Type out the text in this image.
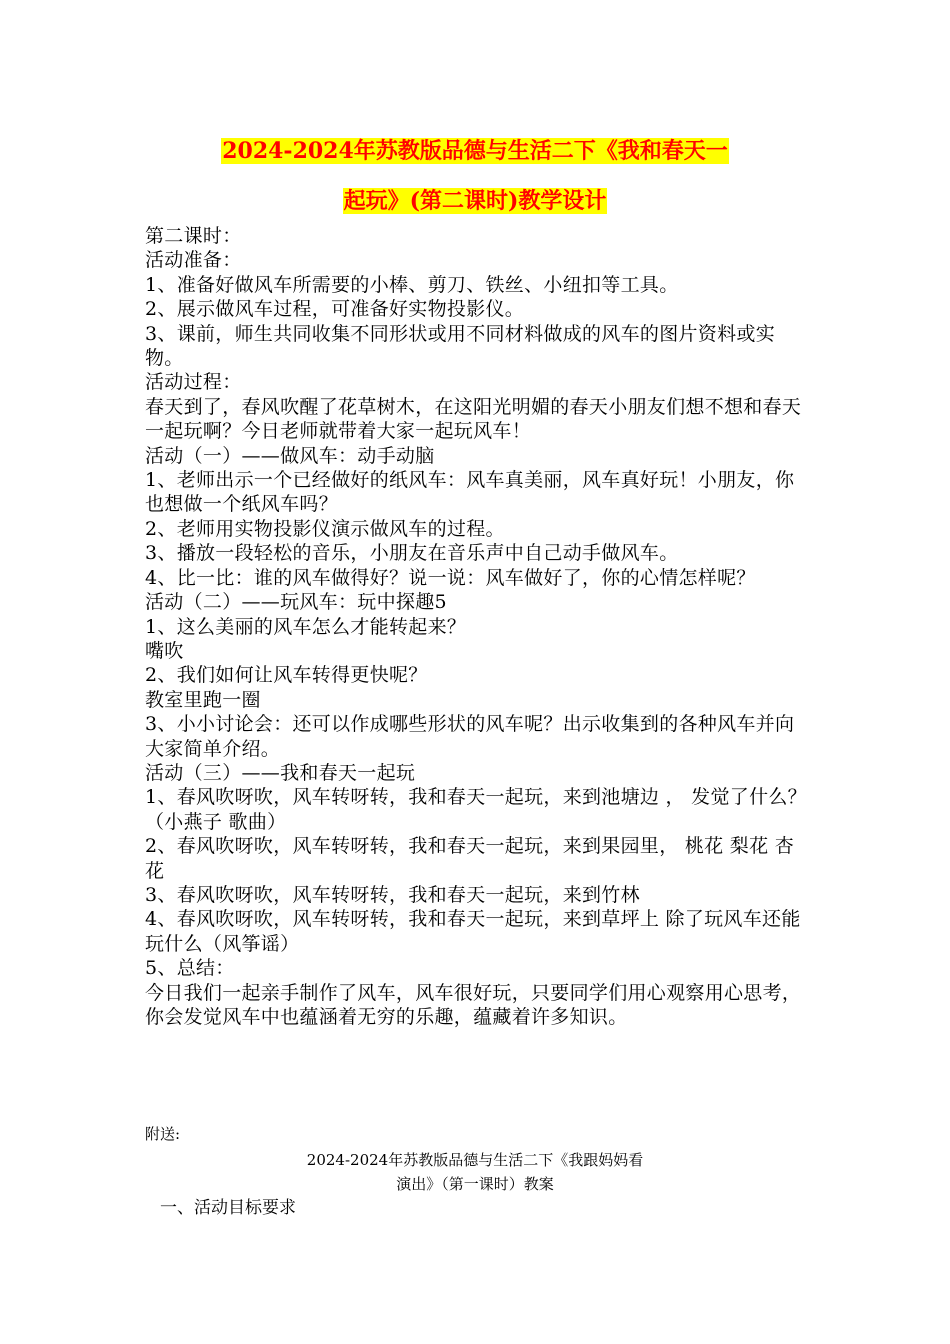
2024-2024年苏教版品德与生活二下《我和春天一
起玩》(第二课时)教学设计

第二课时：

活动准备：

1、准备好做风车所需要的小棒、剪刀、铁丝、小纽扣等工具。

2、展示做风车过程，可准备好实物投影仪。

3、课前，师生共同收集不同形状或用不同材料做成的风车的图片资料或实物。

活动过程：

春天到了，春风吹醒了花草树木，在这阳光明媚的春天小朋友们想不想和春天一起玩啊？今日老师就带着大家一起玩风车！

活动（一）——做风车：动手动脑

1、老师出示一个已经做好的纸风车：风车真美丽，风车真好玩！小朋友，你也想做一个纸风车吗？

2、老师用实物投影仪演示做风车的过程。

3、播放一段轻松的音乐，小朋友在音乐声中自己动手做风车。

4、比一比：谁的风车做得好？说一说：风车做好了，你的心情怎样呢？

活动（二）——玩风车：玩中探趣5

1、这么美丽的风车怎么才能转起来？

嘴吹

2、我们如何让风车转得更快呢？

教室里跑一圈

3、小小讨论会：还可以作成哪些形状的风车呢？出示收集到的各种风车并向大家简单介绍。

活动（三）——我和春天一起玩

1、春风吹呀吹，风车转呀转，我和春天一起玩，来到池塘边 ， 发觉了什么？（小燕子 歌曲）

2、春风吹呀吹，风车转呀转，我和春天一起玩，来到果园里， 桃花 梨花 杏花

3、春风吹呀吹，风车转呀转，我和春天一起玩，来到竹林

4、春风吹呀吹，风车转呀转，我和春天一起玩，来到草坪上 除了玩风车还能玩什么（风筝谣）

5、总结：

今日我们一起亲手制作了风车，风车很好玩，只要同学们用心观察用心思考，你会发觉风车中也蕴涵着无穷的乐趣，蕴藏着许多知识。

附送:
2024-2024年苏教版品德与生活二下《我跟妈妈看
演出》（第一课时）教案
一、活动目标要求
